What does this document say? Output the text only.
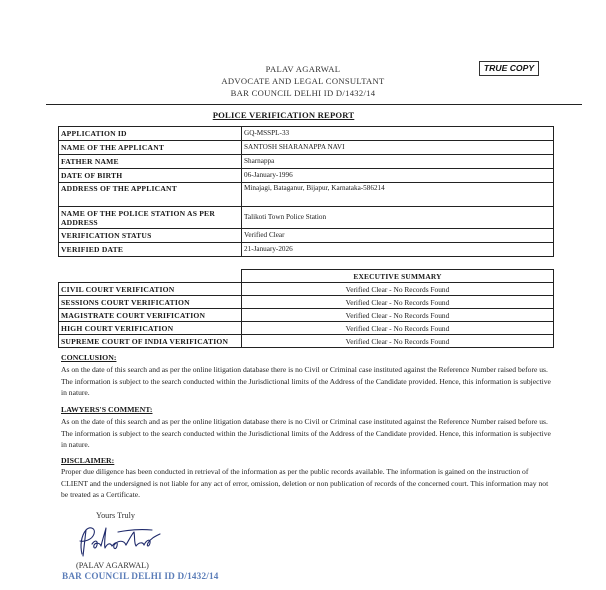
PALAV AGARWAL
ADVOCATE AND LEGAL CONSULTANT
BAR COUNCIL DELHI ID D/1432/14
TRUE COPY
POLICE VERIFICATION REPORT
APPLICATION ID	GQ-MSSPL-33
NAME OF THE APPLICANT	SANTOSH SHARANAPPA NAVI
FATHER NAME	Sharnappa
DATE OF BIRTH	06-January-1996
ADDRESS OF THE APPLICANT	Minajagi, Bataganur, Bijapur, Karnataka-586214
NAME OF THE POLICE STATION AS PER ADDRESS	Talikoti Town Police Station
VERIFICATION STATUS	Verified Clear
VERIFIED DATE	21-January-2026
	EXECUTIVE SUMMARY
CIVIL COURT VERIFICATION	Verified Clear - No Records Found
SESSIONS COURT VERIFICATION	Verified Clear - No Records Found
MAGISTRATE COURT VERIFICATION	Verified Clear - No Records Found
HIGH COURT VERIFICATION	Verified Clear - No Records Found
SUPREME COURT OF INDIA VERIFICATION	Verified Clear - No Records Found
CONCLUSION:
As on the date of this search and as per the online litigation database there is no Civil or Criminal case instituted against the Reference Number raised before us. The information is subject to the search conducted within the Jurisdictional limits of the Address of the Candidate provided. Hence, this information is subjective in nature.
LAWYERS'S COMMENT:
As on the date of this search and as per the online litigation database there is no Civil or Criminal case instituted against the Reference Number raised before us. The information is subject to the search conducted within the Jurisdictional limits of the Address of the Candidate provided. Hence, this information is subjective in nature.
DISCLAIMER:
Proper due diligence has been conducted in retrieval of the information as per the public records available. The information is gained on the instruction of CLIENT and the undersigned is not liable for any act of error, omission, deletion or non publication of records of the concerned court. This information may not be treated as a Certificate.
Yours Truly
(PALAV AGARWAL)
BAR COUNCIL DELHI ID D/1432/14
